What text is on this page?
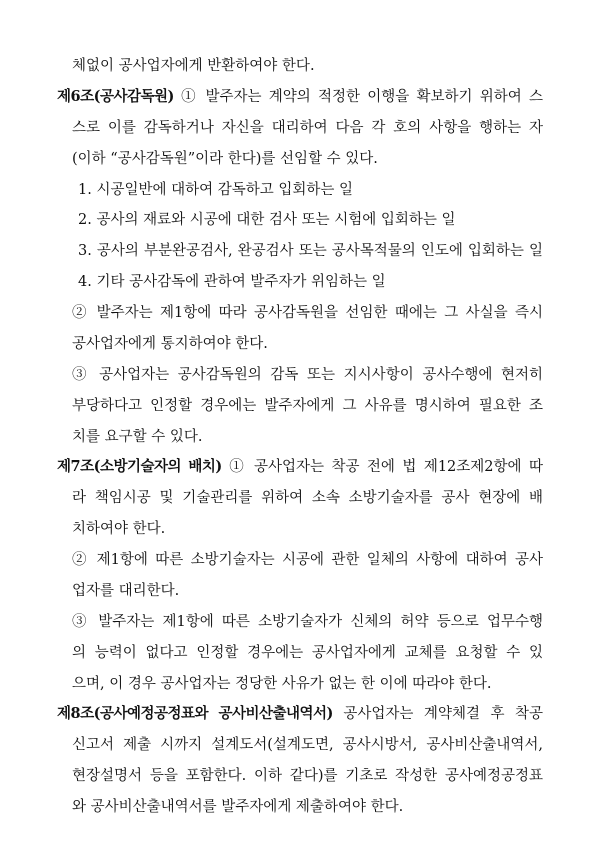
체없이 공사업자에게 반환하여야 한다.
제6조(공사감독원) ① 발주자는 계약의 적정한 이행을 확보하기 위하여 스
스로 이를 감독하거나 자신을 대리하여 다음 각 호의 사항을 행하는 자
(이하 “공사감독원”이라 한다)를 선임할 수 있다.
1. 시공일반에 대하여 감독하고 입회하는 일
2. 공사의 재료와 시공에 대한 검사 또는 시험에 입회하는 일
3. 공사의 부분완공검사, 완공검사 또는 공사목적물의 인도에 입회하는 일
4. 기타 공사감독에 관하여 발주자가 위임하는 일
② 발주자는 제1항에 따라 공사감독원을 선임한 때에는 그 사실을 즉시
공사업자에게 통지하여야 한다.
③ 공사업자는 공사감독원의 감독 또는 지시사항이 공사수행에 현저히
부당하다고 인정할 경우에는 발주자에게 그 사유를 명시하여 필요한 조
치를 요구할 수 있다.
제7조(소방기술자의 배치) ① 공사업자는 착공 전에 법 제12조제2항에 따
라 책임시공 및 기술관리를 위하여 소속 소방기술자를 공사 현장에 배
치하여야 한다.
② 제1항에 따른 소방기술자는 시공에 관한 일체의 사항에 대하여 공사
업자를 대리한다.
③ 발주자는 제1항에 따른 소방기술자가 신체의 허약 등으로 업무수행
의 능력이 없다고 인정할 경우에는 공사업자에게 교체를 요청할 수 있
으며, 이 경우 공사업자는 정당한 사유가 없는 한 이에 따라야 한다.
제8조(공사예정공정표와 공사비산출내역서) 공사업자는 계약체결 후 착공
신고서 제출 시까지 설계도서(설계도면, 공사시방서, 공사비산출내역서,
현장설명서 등을 포함한다. 이하 같다)를 기초로 작성한 공사예정공정표
와 공사비산출내역서를 발주자에게 제출하여야 한다.
